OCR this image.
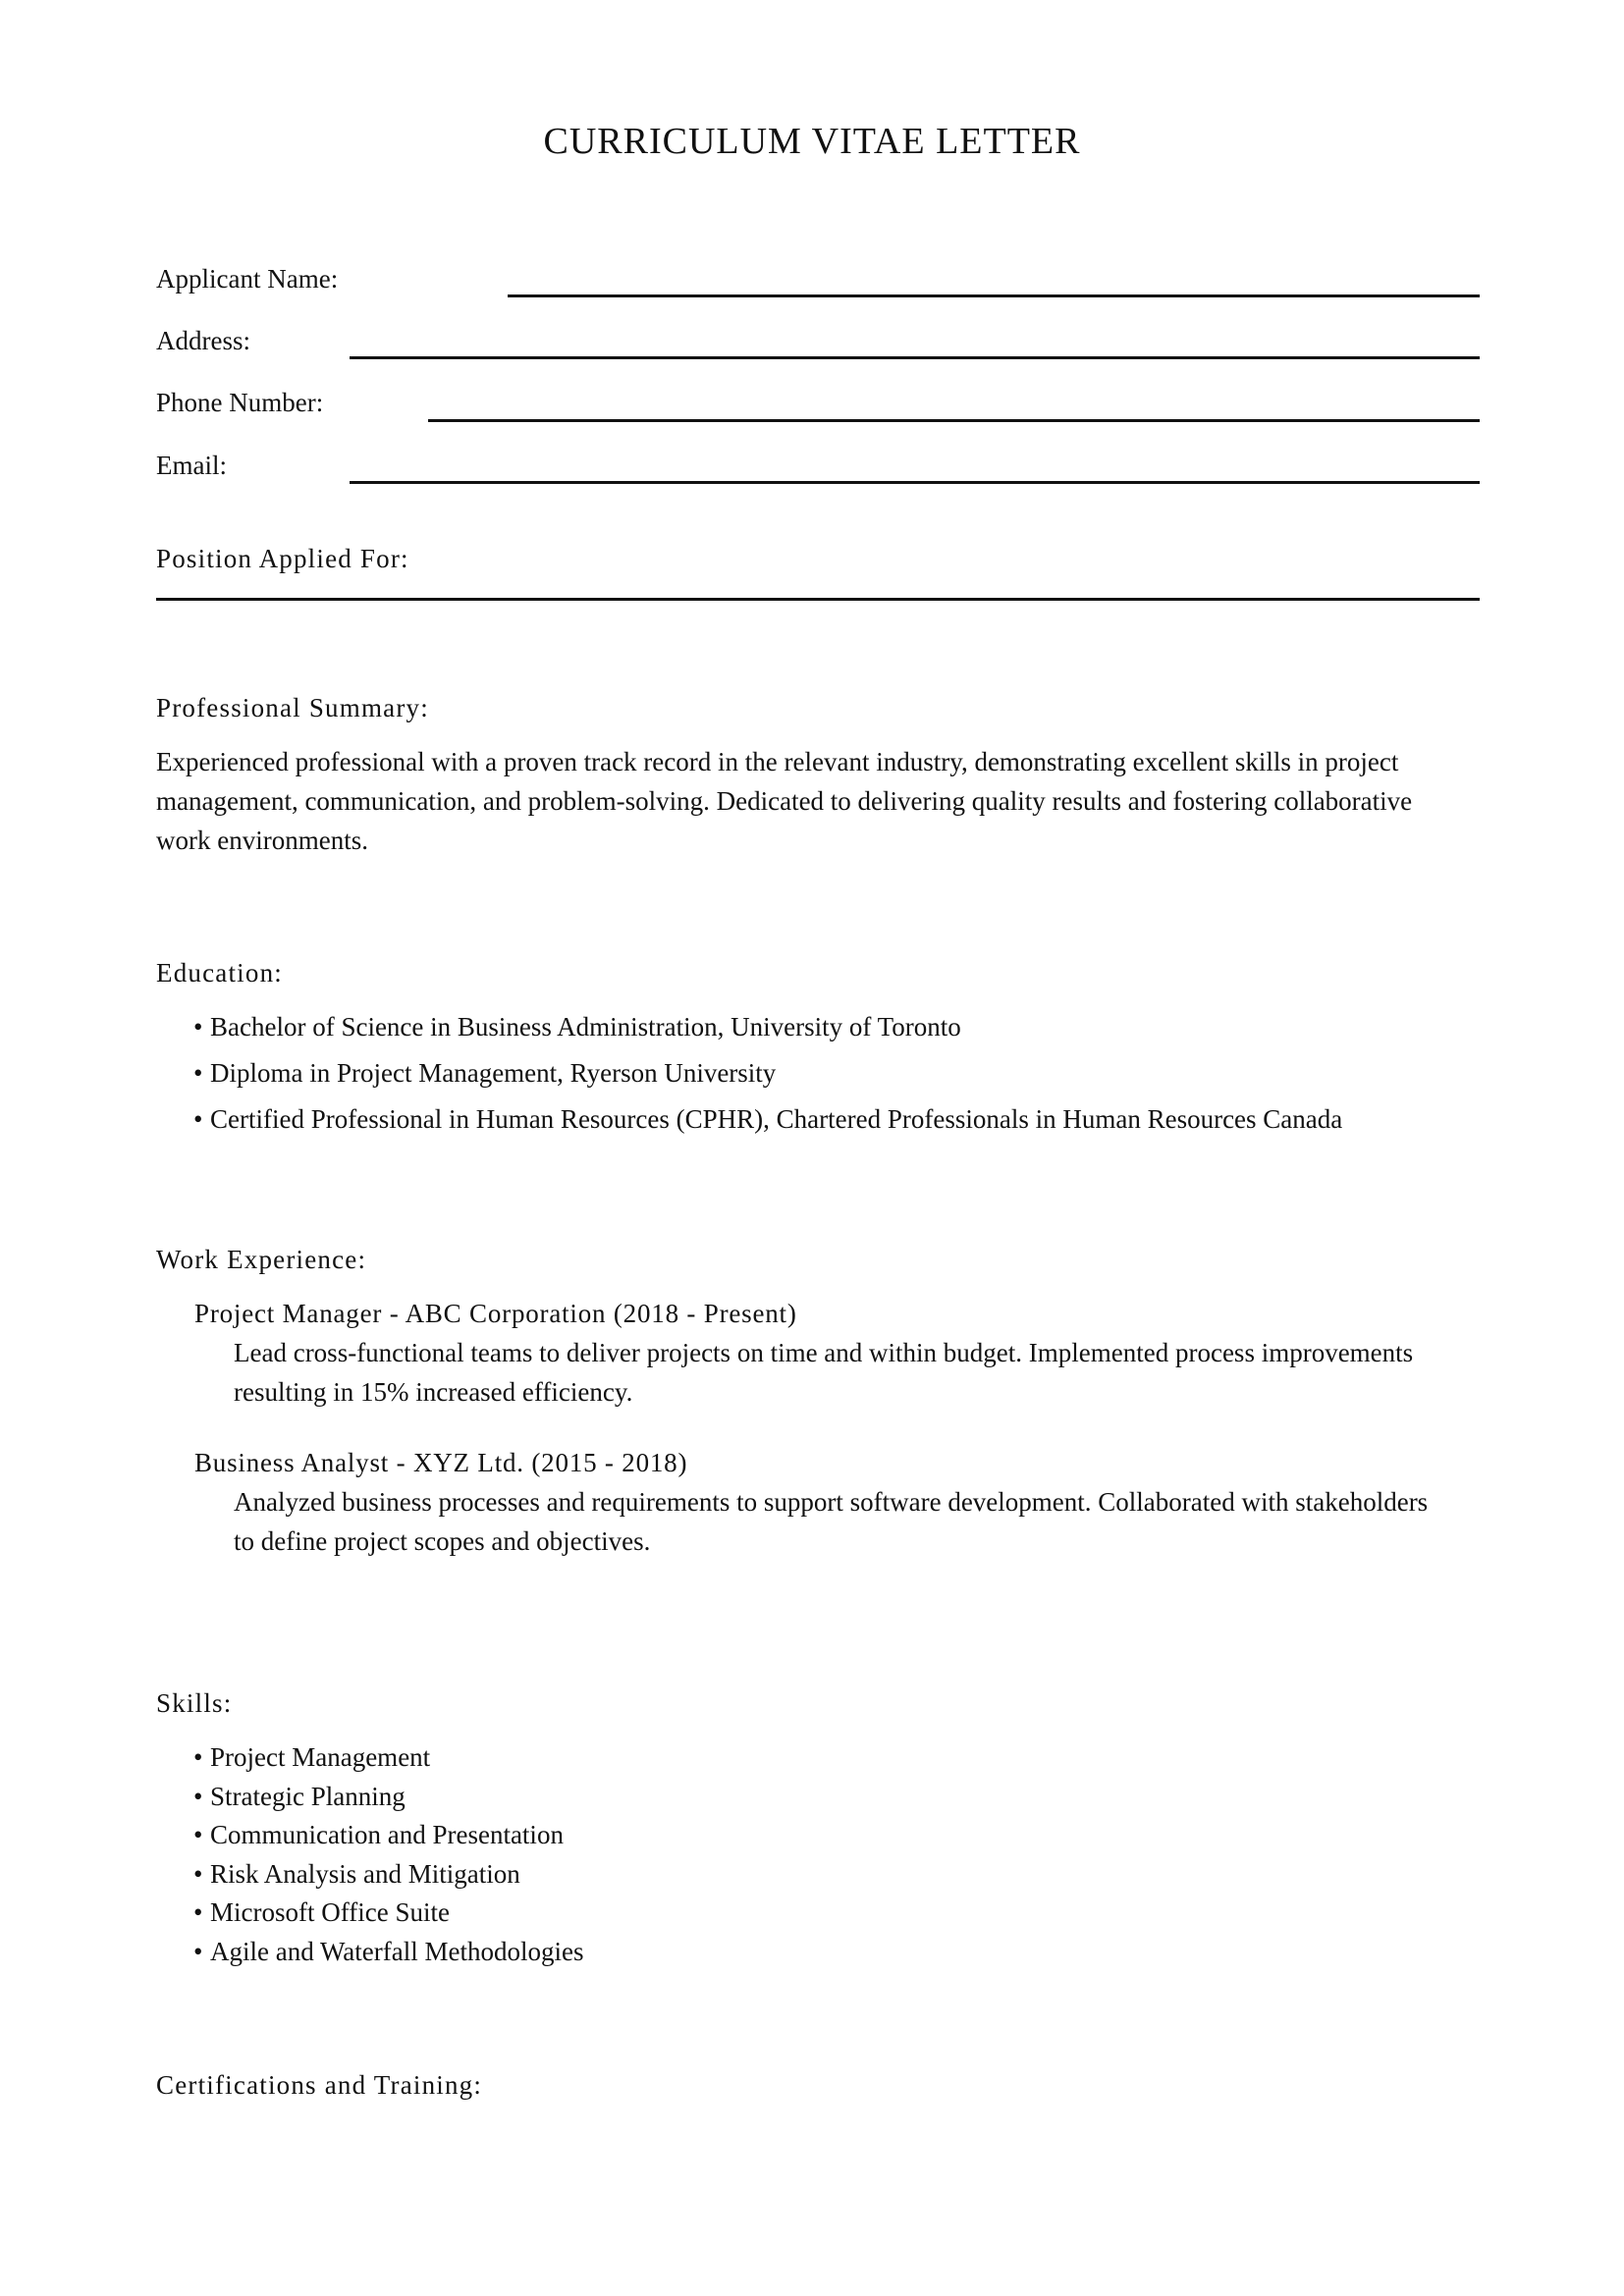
CURRICULUM VITAE LETTER
Applicant Name:
Address:
Phone Number:
Email:
Position Applied For:
Professional Summary:
Experienced professional with a proven track record in the relevant industry, demonstrating excellent skills in project
management, communication, and problem-solving. Dedicated to delivering quality results and fostering collaborative
work environments.
Education:
• Bachelor of Science in Business Administration, University of Toronto
• Diploma in Project Management, Ryerson University
• Certified Professional in Human Resources (CPHR), Chartered Professionals in Human Resources Canada
Work Experience:
Project Manager - ABC Corporation (2018 - Present)
Lead cross-functional teams to deliver projects on time and within budget. Implemented process improvements
resulting in 15% increased efficiency.
Business Analyst - XYZ Ltd. (2015 - 2018)
Analyzed business processes and requirements to support software development. Collaborated with stakeholders
to define project scopes and objectives.
Skills:
• Project Management
• Strategic Planning
• Communication and Presentation
• Risk Analysis and Mitigation
• Microsoft Office Suite
• Agile and Waterfall Methodologies
Certifications and Training:
